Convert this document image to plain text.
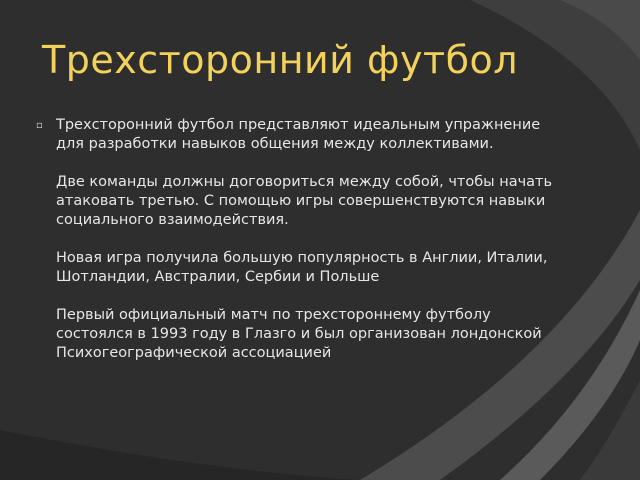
Трехсторонний футбол
▫ Трехсторонний футбол представляют идеальным упражнение для разработки навыков общения между коллективами.

Две команды должны договориться между собой, чтобы начать атаковать третью. С помощью игры совершенствуются навыки социального взаимодействия.

Новая игра получила большую популярность в Англии, Италии, Шотландии, Австралии, Сербии и Польше

Первый официальный матч по трехстороннему футболу состоялся в 1993 году в Глазго и был организован лондонской Психогеографической ассоциацией
